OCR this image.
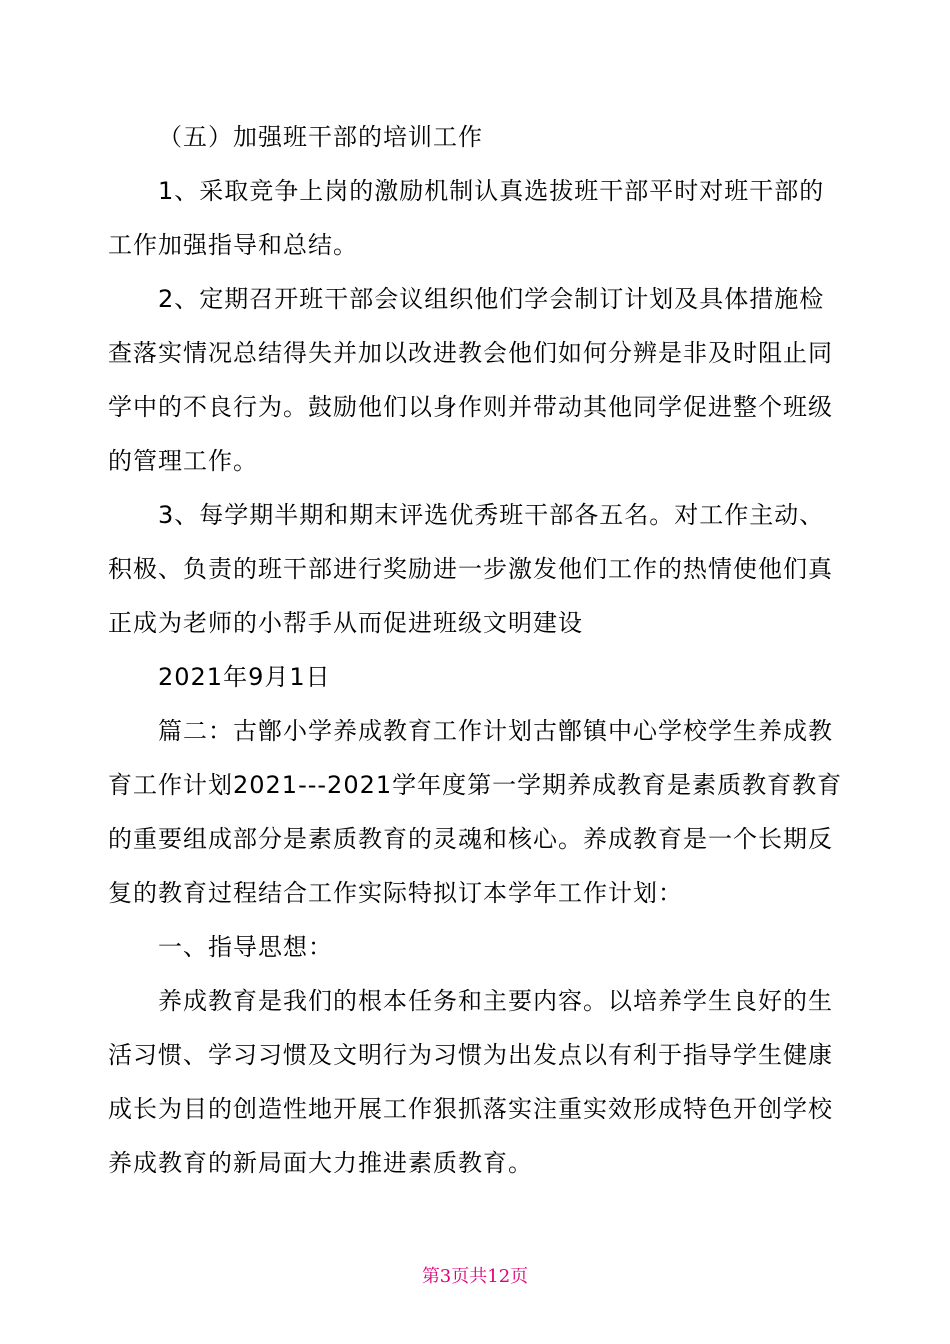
（五）加强班干部的培训工作

1、采取竞争上岗的激励机制认真选拔班干部平时对班干部的工作加强指导和总结。

2、定期召开班干部会议组织他们学会制订计划及具体措施检查落实情况总结得失并加以改进教会他们如何分辨是非及时阻止同学中的不良行为。鼓励他们以身作则并带动其他同学促进整个班级的管理工作。

3、每学期半期和期末评选优秀班干部各五名。对工作主动、积极、负责的班干部进行奖励进一步激发他们工作的热情使他们真正成为老师的小帮手从而促进班级文明建设

2021年9月1日

篇二：古鄫小学养成教育工作计划古鄫镇中心学校学生养成教育工作计划2021---2021学年度第一学期养成教育是素质教育教育的重要组成部分是素质教育的灵魂和核心。养成教育是一个长期反复的教育过程结合工作实际特拟订本学年工作计划：

一、指导思想：

养成教育是我们的根本任务和主要内容。以培养学生良好的生活习惯、学习习惯及文明行为习惯为出发点以有利于指导学生健康成长为目的创造性地开展工作狠抓落实注重实效形成特色开创学校养成教育的新局面大力推进素质教育。

第3页共12页
